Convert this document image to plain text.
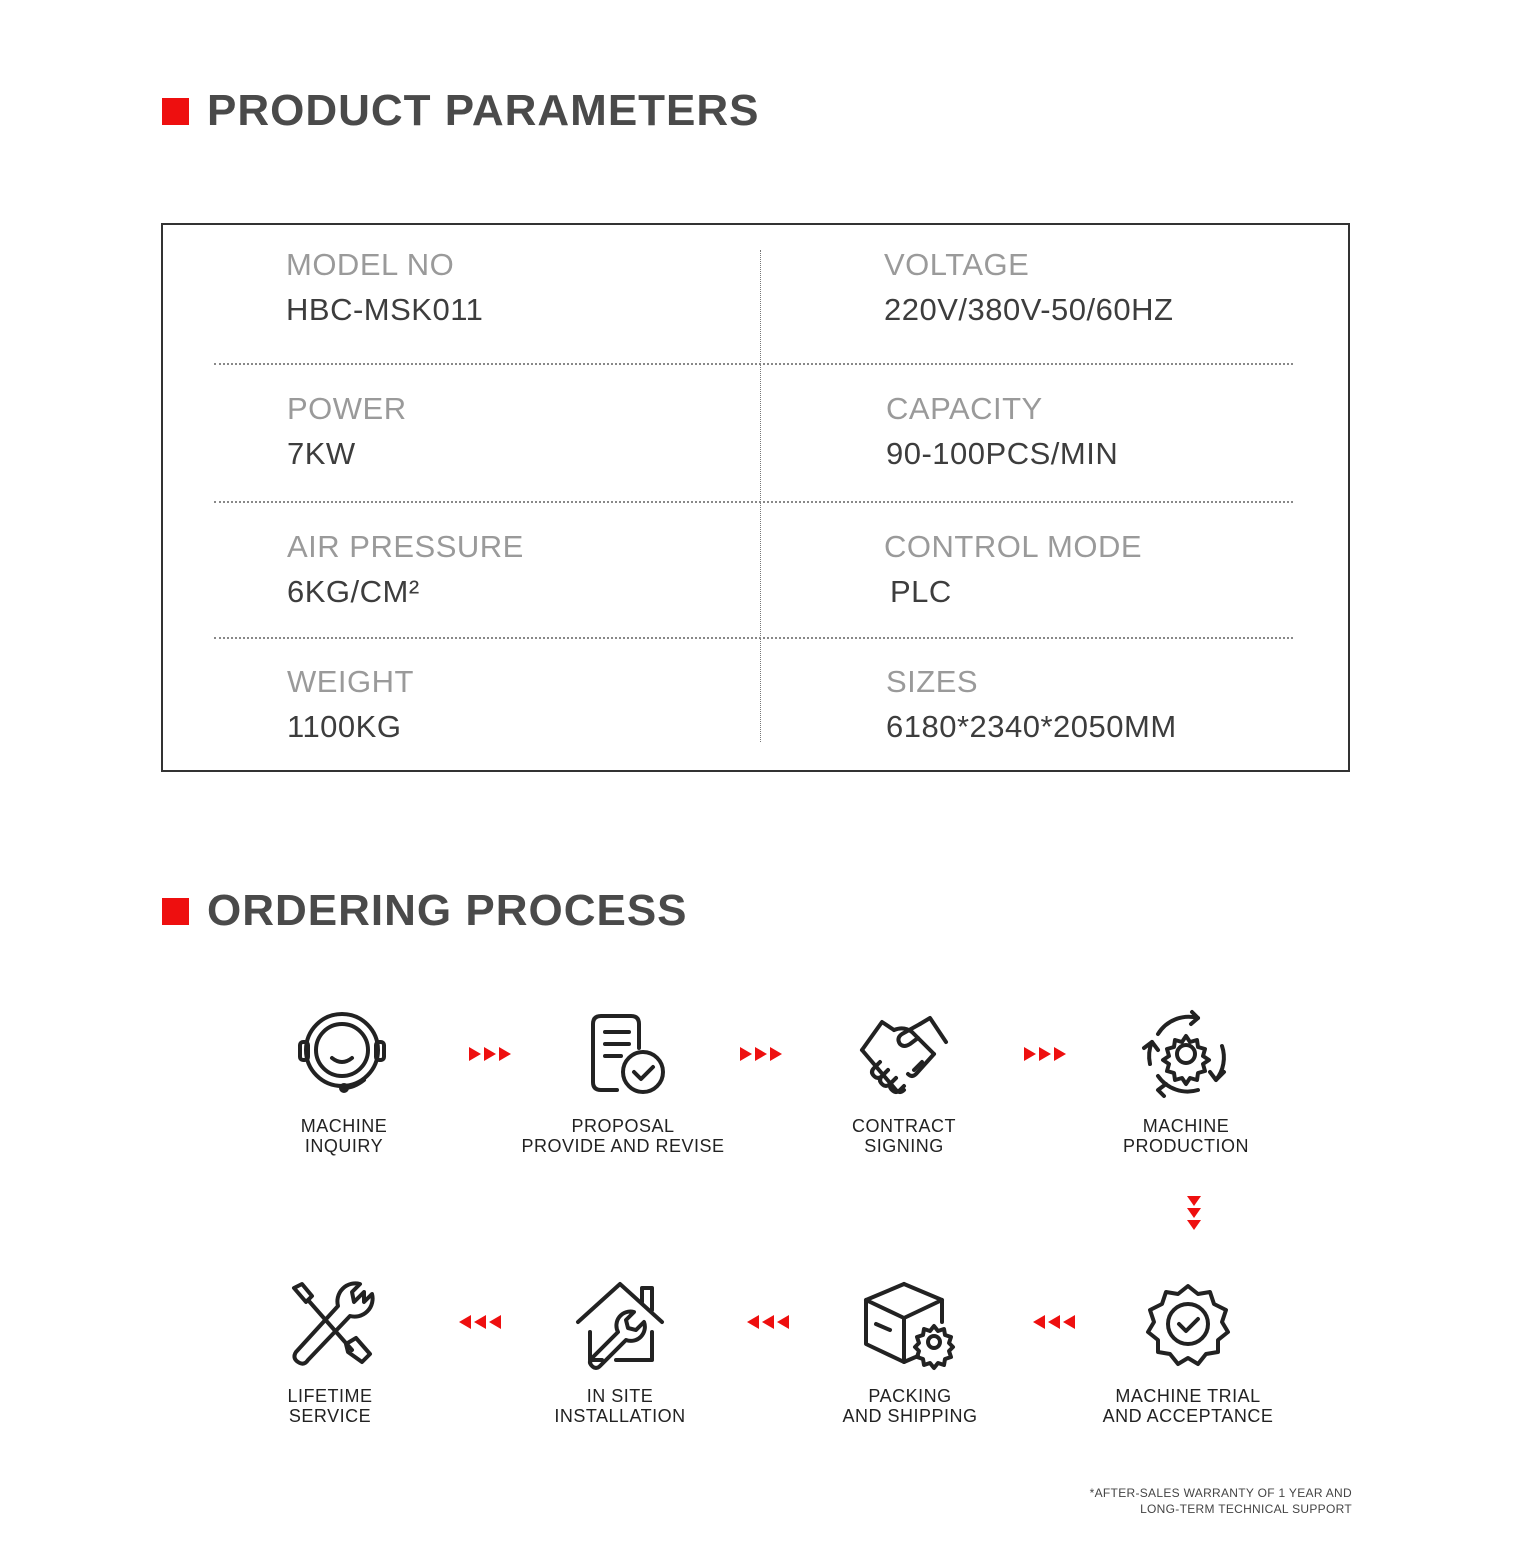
PRODUCT PARAMETERS
MODEL NO
HBC-MSK011
VOLTAGE
220V/380V-50/60HZ
POWER
7KW
CAPACITY
90-100PCS/MIN
AIR PRESSURE
6KG/CM²
CONTROL MODE
PLC
WEIGHT
1100KG
SIZES
6180*2340*2050MM
ORDERING PROCESS
MACHINE
INQUIRY
PROPOSAL
PROVIDE AND REVISE
CONTRACT
SIGNING
MACHINE
PRODUCTION
LIFETIME
SERVICE
IN SITE
INSTALLATION
PACKING
AND SHIPPING
MACHINE TRIAL
AND ACCEPTANCE
*AFTER-SALES WARRANTY OF 1 YEAR AND
LONG-TERM TECHNICAL SUPPORT
